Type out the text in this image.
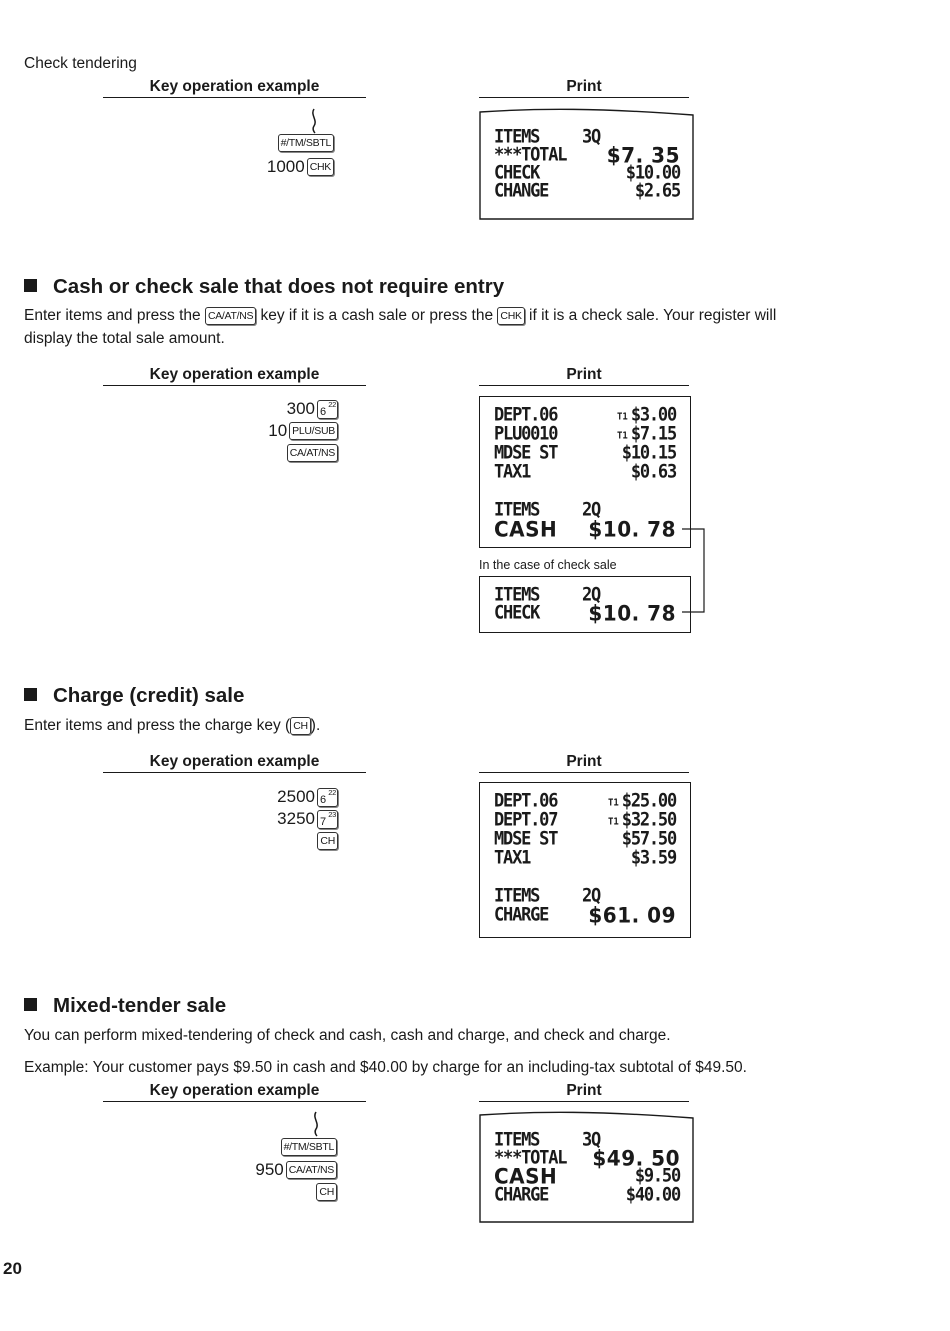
Check tendering
Key operation example	Print
#/TM/SBTL
1000 CHK
ITEMS	3Q
***TOTAL $7. 35
CHECK	$10.00
CHANGE	$2.65
Cash or check sale that does not require entry
Enter items and press the CA/AT/NS key if it is a cash sale or press the CHK if it is a check sale. Your register will
display the total sale amount.
Key operation example	Print
300 6
22
10 PLU/SUB
CA/AT/NS
DEPT.06	T1 $3.00
PLU0010	T1 $7.15
MDSE ST	$10.15
TAX1	$0.63
ITEMS	2Q
CASH $10. 78
In the case of check sale
ITEMS	2Q
CHECK $10. 78
Charge (credit) sale
Enter items and press the charge key ( CH ).
Key operation example	Print
2500 6
22
3250 7
23
CH
DEPT.06	T1 $25.00
DEPT.07	T1 $32.50
MDSE ST	$57.50
TAX1	$3.59
ITEMS	2Q
CHARGE $61. 09
Mixed-tender sale
You can perform mixed-tendering of check and cash, cash and charge, and check and charge.
Example: Your customer pays $9.50 in cash and $40.00 by charge for an including-tax subtotal of $49.50.
Key operation example	Print
#/TM/SBTL
950 CA/AT/NS
CH
ITEMS	3Q
***TOTAL $49. 50
CASH	$9.50
CHARGE	$40.00
20
